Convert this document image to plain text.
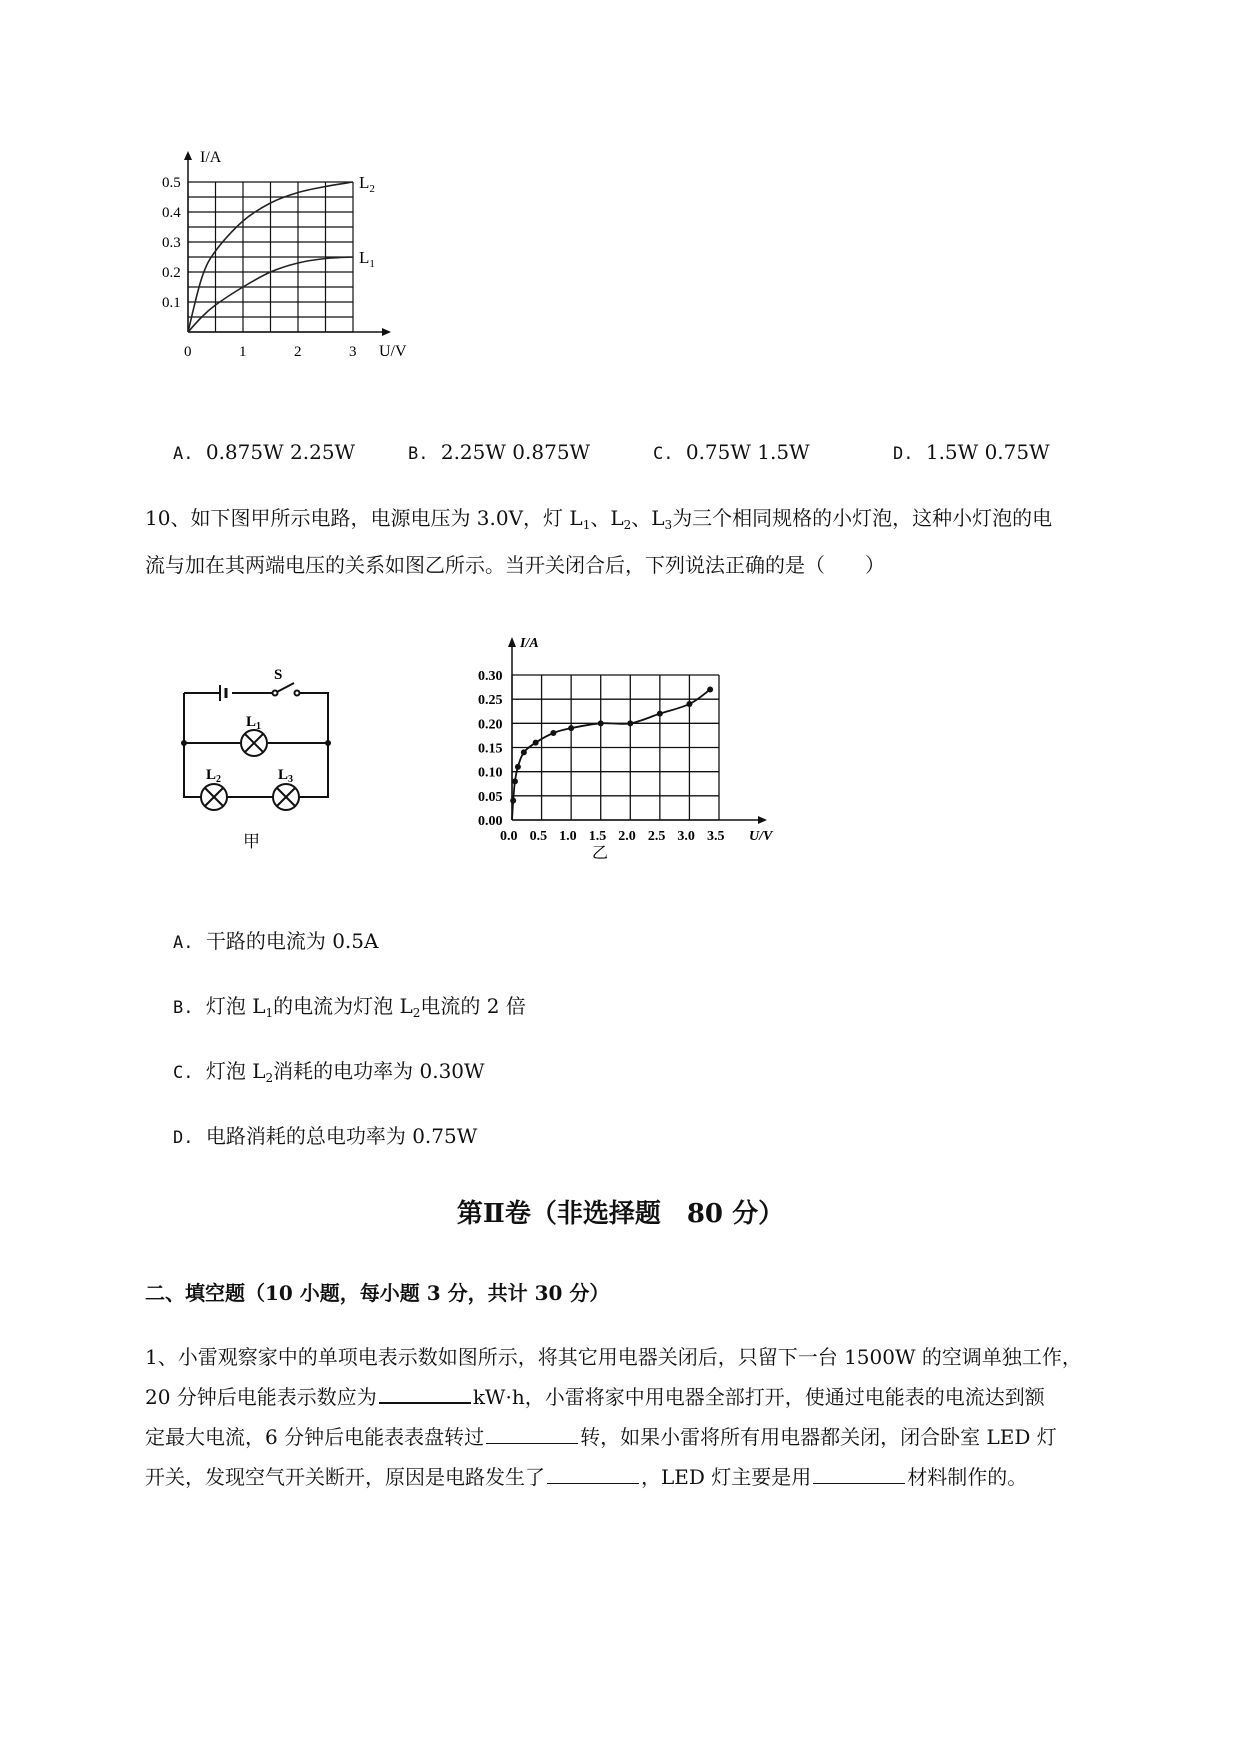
0.1
0.2
0.3
0.4
0.5
0	1	2	3
I/A
U/V
$L_2$
$L_1$
A. 0.875W 2.25W	B. 2.25W 0.875W	C. 0.75W 1.5W	D. 1.5W 0.75W
10、如下图甲所示电路，电源电压为 3.0V，灯 $L_1$、$L_2$、$L_3$为三个相同规格的小灯泡，这种小灯泡的电
流与加在其两端电压的关系如图乙所示。当开关闭合后，下列说法正确的是（　　）
S
$L_1$
$L_2$	$L_3$
甲
0.00
0.05
0.10
0.15
0.20
0.25
0.30
0.0 0.5 1.0 1.5 2.0 2.5 3.0 3.5
I/A
U/V
乙
A. 干路的电流为 0.5A
B. 灯泡 $L_1$的电流为灯泡 $L_2$电流的 2 倍
C. 灯泡 $L_2$消耗的电功率为 0.30W
D. 电路消耗的总电功率为 0.75W
第Ⅱ卷（非选择题　80 分）
二、填空题（10 小题，每小题 3 分，共计 30 分）
1、小雷观察家中的单项电表示数如图所示，将其它用电器关闭后，只留下一台 1500W 的空调单独工作，
20 分钟后电能表示数应为	kW·h，小雷将家中用电器全部打开，使通过电能表的电流达到额
定最大电流，6 分钟后电能表表盘转过	转，如果小雷将所有用电器都关闭，闭合卧室 LED 灯
开关，发现空气开关断开，原因是电路发生了	，LED 灯主要是用	材料制作的。
